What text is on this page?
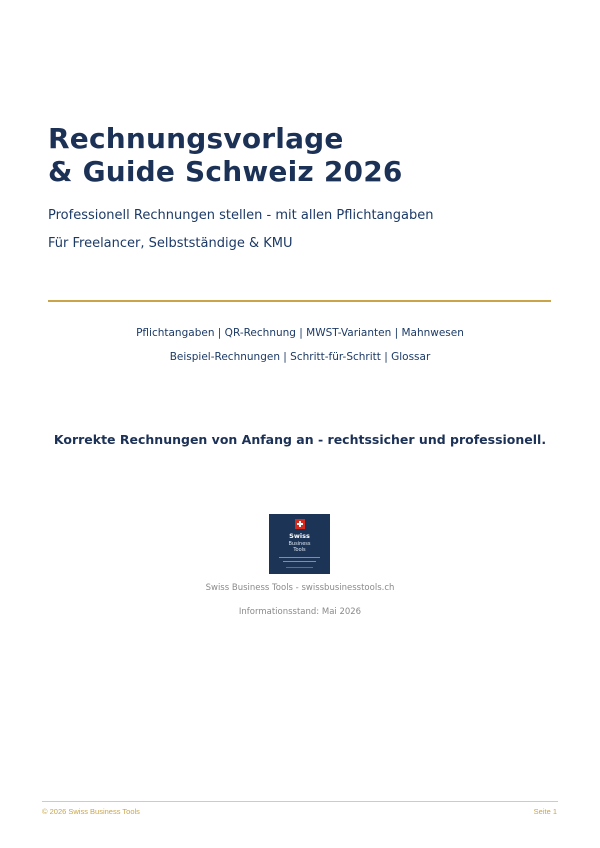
Rechnungsvorlage
& Guide Schweiz 2026
Professionell Rechnungen stellen - mit allen Pflichtangaben
Für Freelancer, Selbstständige & KMU
Pflichtangaben | QR-Rechnung | MWST-Varianten | Mahnwesen
Beispiel-Rechnungen | Schritt-für-Schritt | Glossar
Korrekte Rechnungen von Anfang an - rechtssicher und professionell.
Swiss
Business
Tools
Swiss Business Tools - swissbusinesstools.ch
Informationsstand: Mai 2026
© 2026 Swiss Business Tools	Seite 1
